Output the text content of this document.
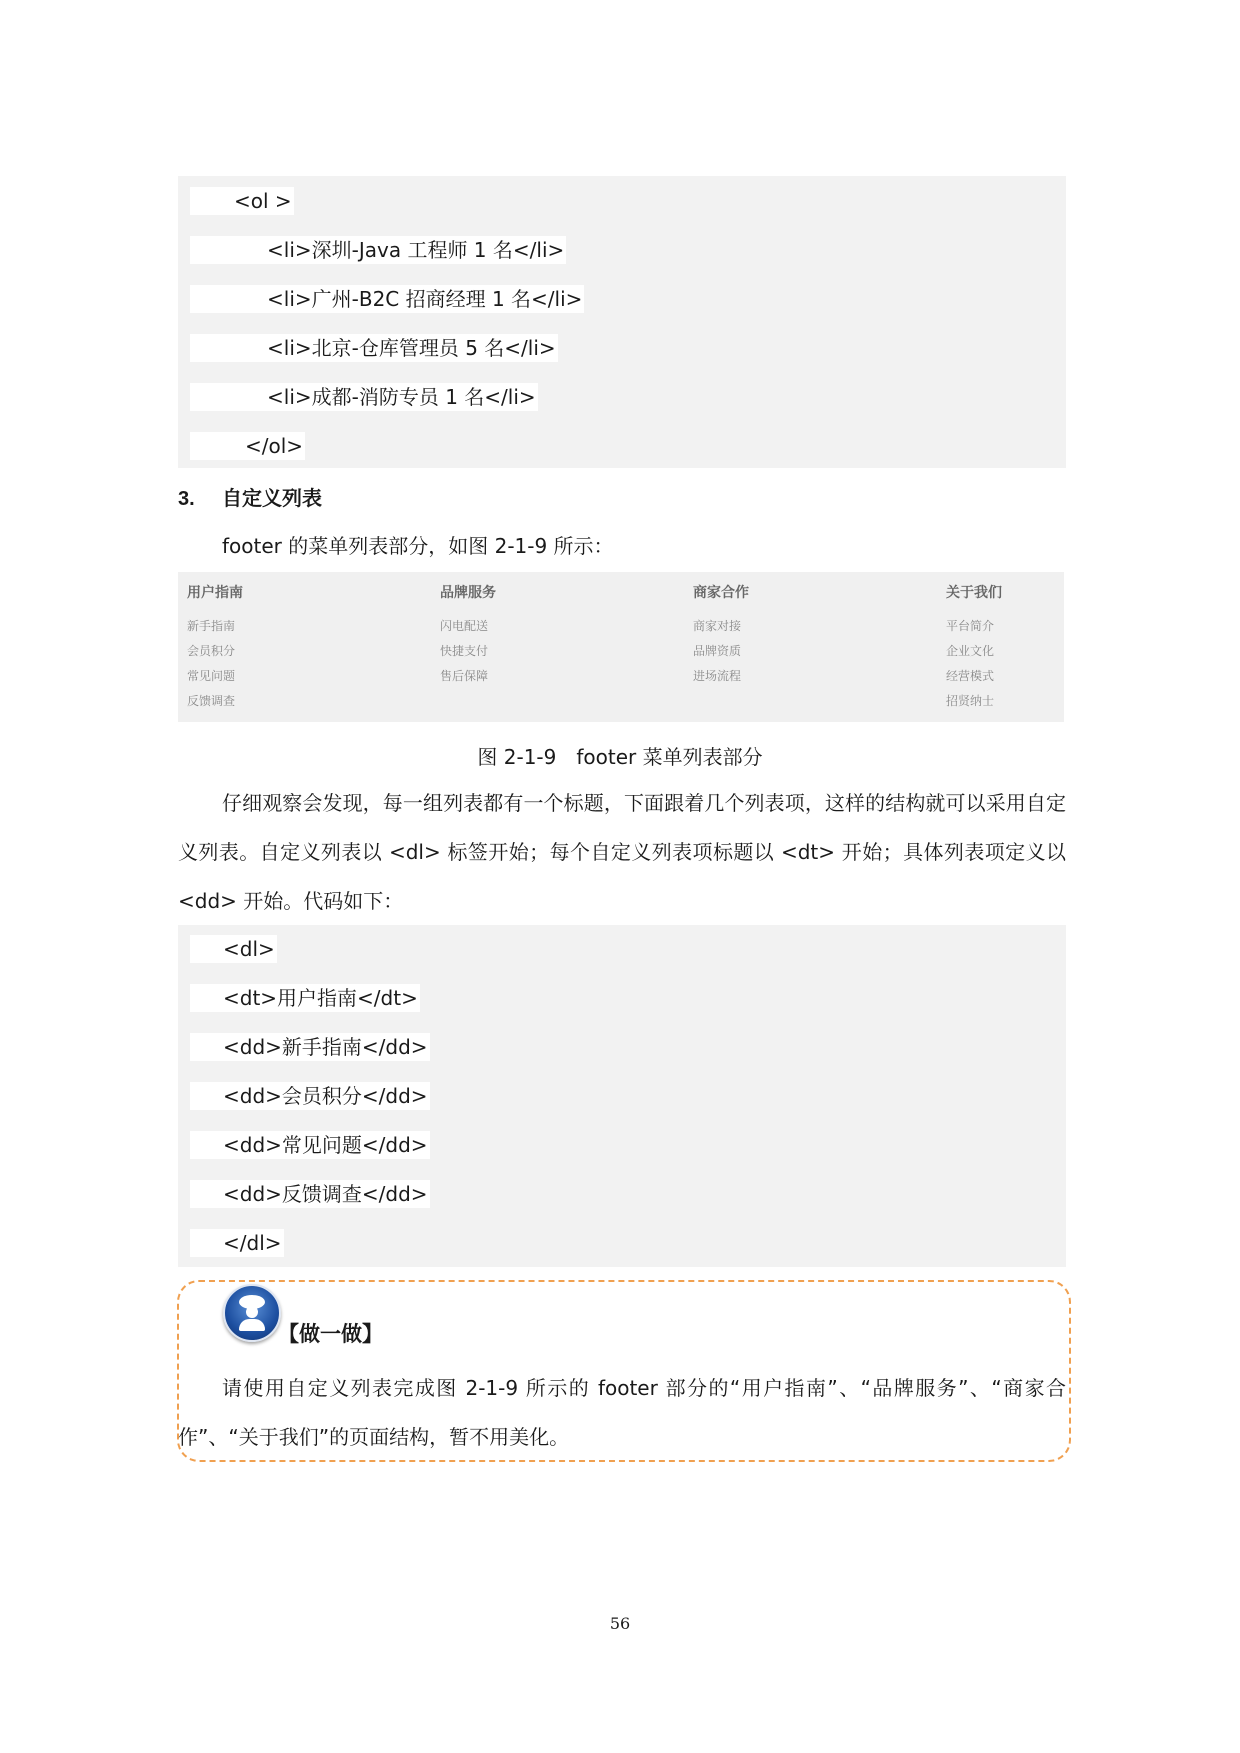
<ol >
<li>深圳-Java 工程师 1 名</li>
<li>广州-B2C 招商经理 1 名</li>
<li>北京-仓库管理员 5 名</li>
<li>成都-消防专员 1 名</li>
</ol>
3. 自定义列表
footer 的菜单列表部分，如图 2-1-9 所示：
用户指南
新手指南
会员积分
常见问题
反馈调查
品牌服务
闪电配送
快捷支付
售后保障
商家合作
商家对接
品牌资质
进场流程
关于我们
平台简介
企业文化
经营模式
招贤纳士
图 2-1-9　footer 菜单列表部分
仔细观察会发现，每一组列表都有一个标题，下面跟着几个列表项，这样的结构就可以采用自定义列表。自定义列表以 <dl> 标签开始；每个自定义列表项标题以 <dt> 开始；具体列表项定义以 <dd> 开始。代码如下：
<dl>
<dt>用户指南</dt>
<dd>新手指南</dd>
<dd>会员积分</dd>
<dd>常见问题</dd>
<dd>反馈调查</dd>
</dl>
【做一做】
请使用自定义列表完成图 2-1-9 所示的 footer 部分的“用户指南”、“品牌服务”、“商家合作”、“关于我们”的页面结构，暂不用美化。
56
